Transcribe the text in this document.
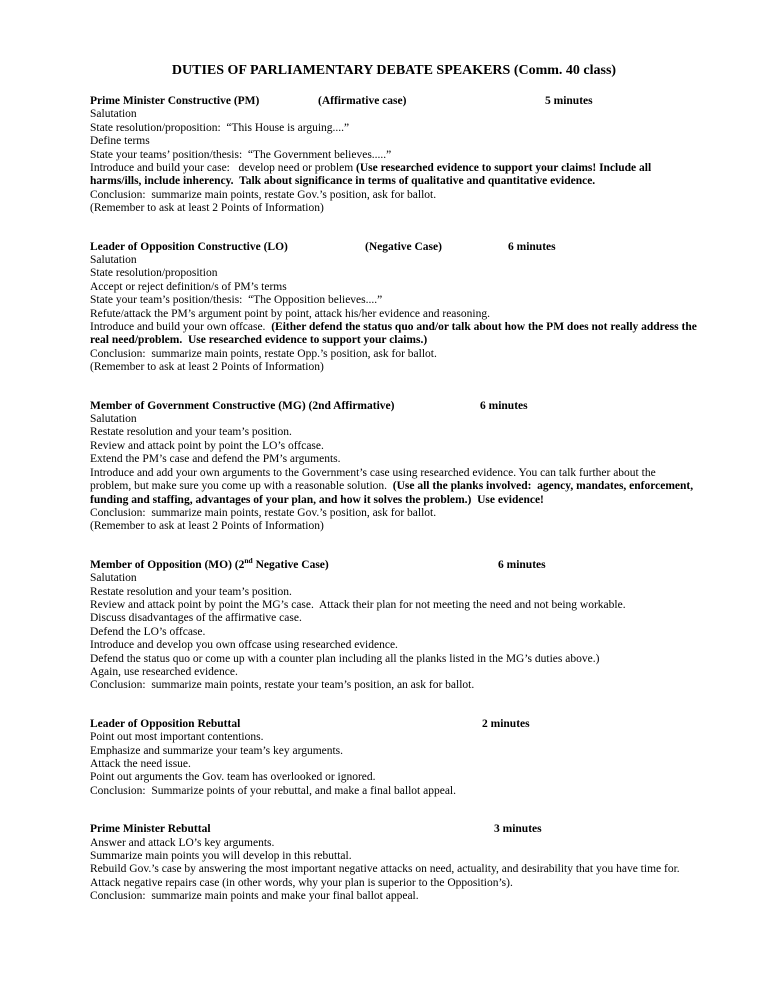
DUTIES OF PARLIAMENTARY DEBATE SPEAKERS (Comm. 40 class)
Prime Minister Constructive (PM)	(Affirmative case)	5 minutes
Salutation
State resolution/proposition:  “This House is arguing....”
Define terms
State your teams’ position/thesis:  “The Government believes.....”
Introduce and build your case:   develop need or problem (Use researched evidence to support your claims! Include all harms/ills, include inherency.  Talk about significance in terms of qualitative and quantitative evidence.
Conclusion:  summarize main points, restate Gov.’s position, ask for ballot.
(Remember to ask at least 2 Points of Information)
Leader of Opposition Constructive (LO)	(Negative Case)	6 minutes
Salutation
State resolution/proposition
Accept or reject definition/s of PM’s terms
State your team’s position/thesis:  “The Opposition believes....”
Refute/attack the PM’s argument point by point, attack his/her evidence and reasoning.
Introduce and build your own offcase.  (Either defend the status quo and/or talk about how the PM does not really address the real need/problem.  Use researched evidence to support your claims.)
Conclusion:  summarize main points, restate Opp.’s position, ask for ballot.
(Remember to ask at least 2 Points of Information)
Member of Government Constructive (MG) (2nd Affirmative)	6 minutes
Salutation
Restate resolution and your team’s position.
Review and attack point by point the LO’s offcase.
Extend the PM’s case and defend the PM’s arguments.
Introduce and add your own arguments to the Government’s case using researched evidence. You can talk further about the problem, but make sure you come up with a reasonable solution.  (Use all the planks involved:  agency, mandates, enforcement, funding and staffing, advantages of your plan, and how it solves the problem.)  Use evidence!
Conclusion:  summarize main points, restate Gov.’s position, ask for ballot.
(Remember to ask at least 2 Points of Information)
Member of Opposition (MO) (2nd Negative Case)	6 minutes
Salutation
Restate resolution and your team’s position.
Review and attack point by point the MG’s case.  Attack their plan for not meeting the need and not being workable.
Discuss disadvantages of the affirmative case.
Defend the LO’s offcase.
Introduce and develop you own offcase using researched evidence.
Defend the status quo or come up with a counter plan including all the planks listed in the MG’s duties above.)
Again, use researched evidence.
Conclusion:  summarize main points, restate your team’s position, an ask for ballot.
Leader of Opposition Rebuttal	2 minutes
Point out most important contentions.
Emphasize and summarize your team’s key arguments.
Attack the need issue.
Point out arguments the Gov. team has overlooked or ignored.
Conclusion:  Summarize points of your rebuttal, and make a final ballot appeal.
Prime Minister Rebuttal	3 minutes
Answer and attack LO’s key arguments.
Summarize main points you will develop in this rebuttal.
Rebuild Gov.’s case by answering the most important negative attacks on need, actuality, and desirability that you have time for.
Attack negative repairs case (in other words, why your plan is superior to the Opposition’s).
Conclusion:  summarize main points and make your final ballot appeal.
